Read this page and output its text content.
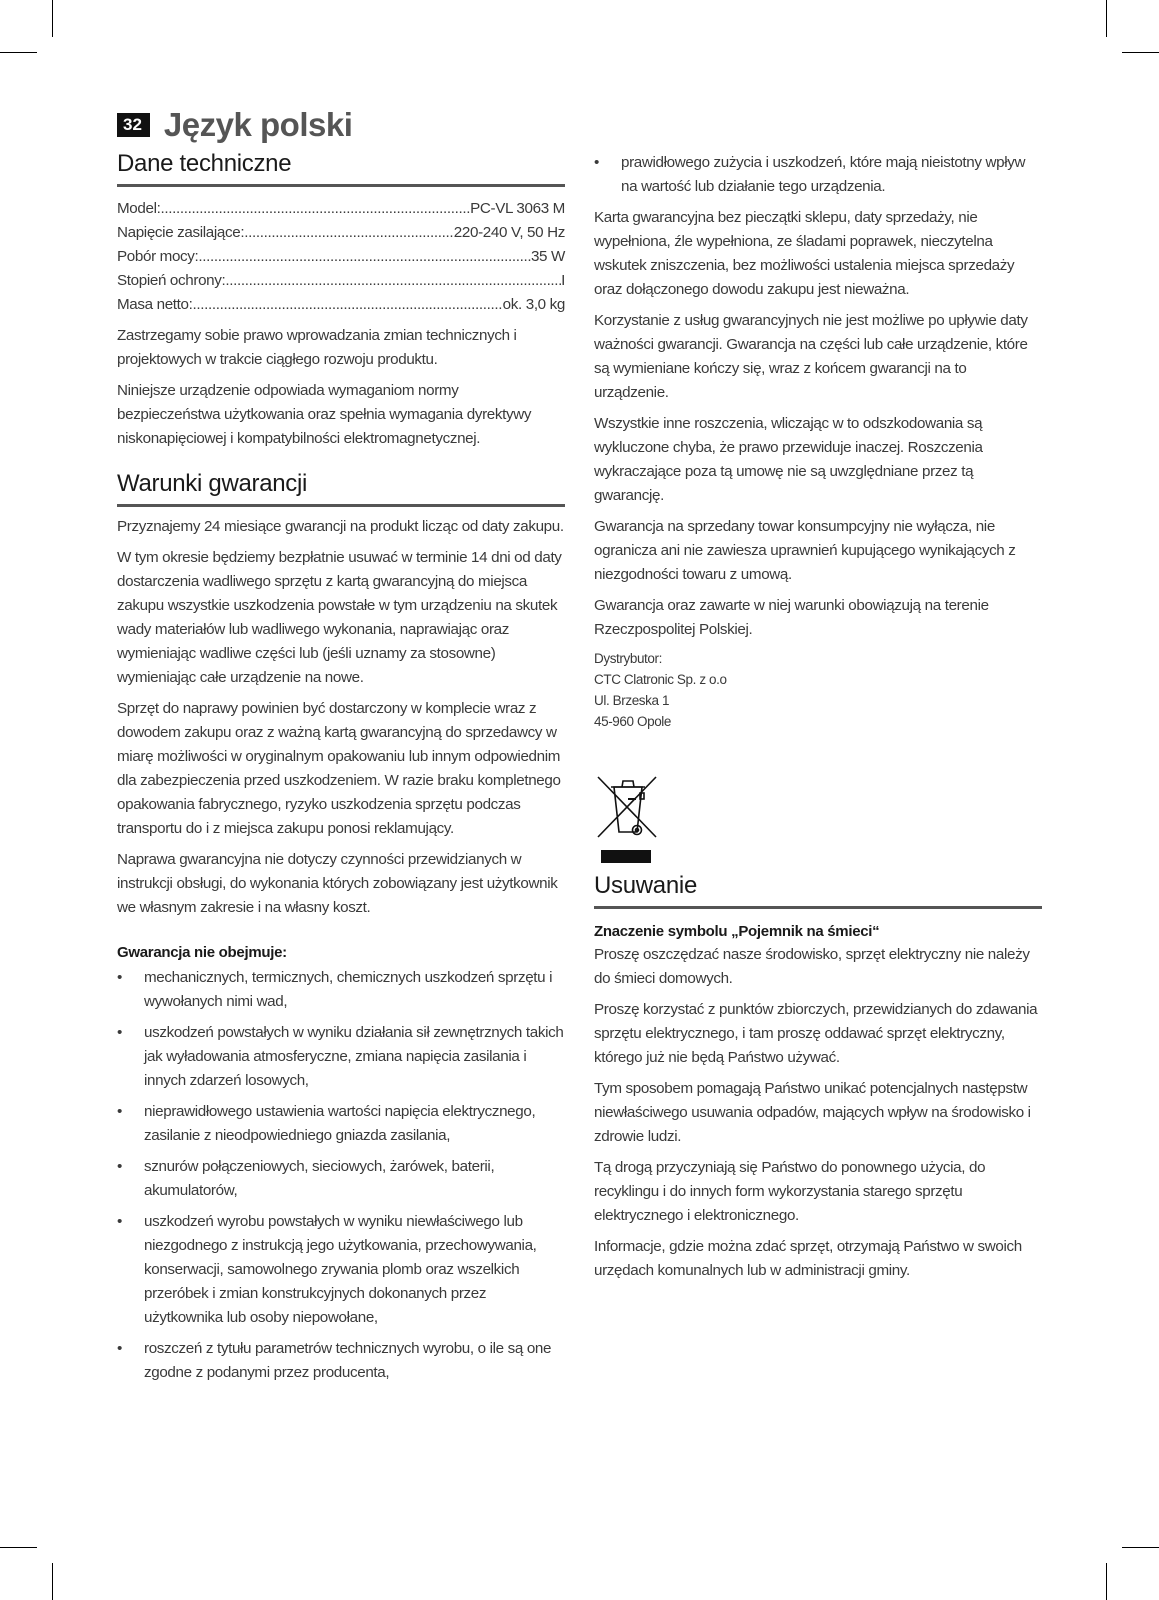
32 Język polski
Dane techniczne
Model: .....	PC-VL 3063 M
Napięcie zasilające: .....	220-240 V, 50 Hz
Pobór mocy: .....	35 W
Stopień ochrony: .....	I
Masa netto: .....	ok. 3,0 kg

Zastrzegamy sobie prawo wprowadzania zmian technicznych i projektowych w trakcie ciągłego rozwoju produktu.

Niniejsze urządzenie odpowiada wymaganiom normy bezpieczeństwa użytkowania oraz spełnia wymagania dyrektywy niskonapięciowej i kompatybilności elektromagnetycznej.

Warunki gwarancji

Przyznajemy 24 miesiące gwarancji na produkt licząc od daty zakupu.

W tym okresie będziemy bezpłatnie usuwać w terminie 14 dni od daty dostarczenia wadliwego sprzętu z kartą gwarancyjną do miejsca zakupu wszystkie uszkodzenia powstałe w tym urządzeniu na skutek wady materiałów lub wadliwego wykonania, naprawiając oraz wymieniając wadliwe części lub (jeśli uznamy za stosowne) wymieniając całe urządzenie na nowe.

Sprzęt do naprawy powinien być dostarczony w komplecie wraz z dowodem zakupu oraz z ważną kartą gwarancyjną do sprzedawcy w miarę możliwości w oryginalnym opakowaniu lub innym odpowiednim dla zabezpieczenia przed uszkodzeniem. W razie braku kompletnego opakowania fabrycznego, ryzyko uszkodzenia sprzętu podczas transportu do i z miejsca zakupu ponosi reklamujący.

Naprawa gwarancyjna nie dotyczy czynności przewidzianych w instrukcji obsługi, do wykonania których zobowiązany jest użytkownik we własnym zakresie i na własny koszt.

Gwarancja nie obejmuje:
• mechanicznych, termicznych, chemicznych uszkodzeń sprzętu i wywołanych nimi wad,
• uszkodzeń powstałych w wyniku działania sił zewnętrznych takich jak wyładowania atmosferyczne, zmiana napięcia zasilania i innych zdarzeń losowych,
• nieprawidłowego ustawienia wartości napięcia elektrycznego, zasilanie z nieodpowiedniego gniazda zasilania,
• sznurów połączeniowych, sieciowych, żarówek, baterii, akumulatorów,
• uszkodzeń wyrobu powstałych w wyniku niewłaściwego lub niezgodnego z instrukcją jego użytkowania, przechowywania, konserwacji, samowolnego zrywania plomb oraz wszelkich przeróbek i zmian konstrukcyjnych dokonanych przez użytkownika lub osoby niepowołane,
• roszczeń z tytułu parametrów technicznych wyrobu, o ile są one zgodne z podanymi przez producenta,
• prawidłowego zużycia i uszkodzeń, które mają nieistotny wpływ na wartość lub działanie tego urządzenia.

Karta gwarancyjna bez pieczątki sklepu, daty sprzedaży, nie wypełniona, źle wypełniona, ze śladami poprawek, nieczytelna wskutek zniszczenia, bez możliwości ustalenia miejsca sprzedaży oraz dołączonego dowodu zakupu jest nieważna.

Korzystanie z usług gwarancyjnych nie jest możliwe po upływie daty ważności gwarancji. Gwarancja na części lub całe urządzenie, które są wymieniane kończy się, wraz z końcem gwarancji na to urządzenie.

Wszystkie inne roszczenia, wliczając w to odszkodowania są wykluczone chyba, że prawo przewiduje inaczej. Roszczenia wykraczające poza tą umowę nie są uwzględniane przez tą gwarancję.

Gwarancja na sprzedany towar konsumpcyjny nie wyłącza, nie ogranicza ani nie zawiesza uprawnień kupującego wynikających z niezgodności towaru z umową.

Gwarancja oraz zawarte w niej warunki obowiązują na terenie Rzeczpospolitej Polskiej.

Dystrybutor:
CTC Clatronic Sp. z o.o
Ul. Brzeska 1
45-960 Opole
Usuwanie
Znaczenie symbolu „Pojemnik na śmieci“

Proszę oszczędzać nasze środowisko, sprzęt elektryczny nie należy do śmieci domowych.

Proszę korzystać z punktów zbiorczych, przewidzianych do zdawania sprzętu elektrycznego, i tam proszę oddawać sprzęt elektryczny, którego już nie będą Państwo używać.

Tym sposobem pomagają Państwo unikać potencjalnych następstw niewłaściwego usuwania odpadów, mających wpływ na środowisko i zdrowie ludzi.

Tą drogą przyczyniają się Państwo do ponownego użycia, do recyklingu i do innych form wykorzystania starego sprzętu elektrycznego i elektronicznego.

Informacje, gdzie można zdać sprzęt, otrzymają Państwo w swoich urzędach komunalnych lub w administracji gminy.
